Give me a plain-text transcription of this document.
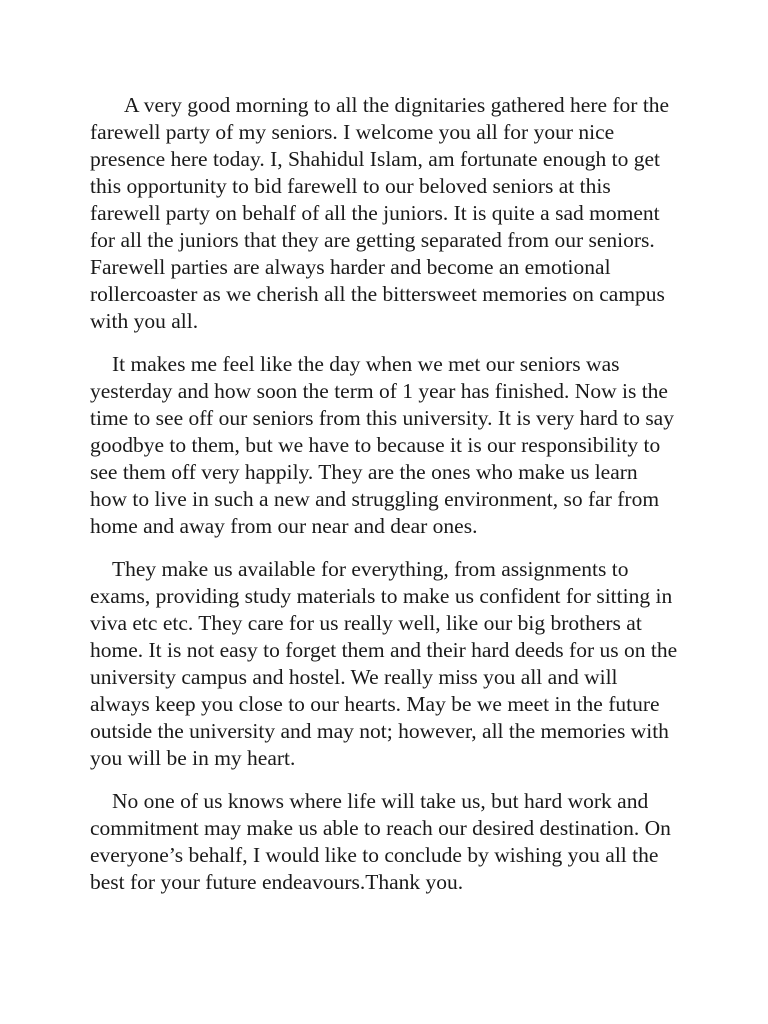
A very good morning to all the dignitaries gathered here for the farewell party of my seniors. I welcome you all for your nice presence here today. I, Shahidul Islam, am fortunate enough to get this opportunity to bid farewell to our beloved seniors at this farewell party on behalf of all the juniors. It is quite a sad moment for all the juniors that they are getting separated from our seniors. Farewell parties are always harder and become an emotional rollercoaster as we cherish all the bittersweet memories on campus with you all.

It makes me feel like the day when we met our seniors was yesterday and how soon the term of 1 year has finished. Now is the time to see off our seniors from this university. It is very hard to say goodbye to them, but we have to because it is our responsibility to see them off very happily. They are the ones who make us learn how to live in such a new and struggling environment, so far from home and away from our near and dear ones.

They make us available for everything, from assignments to exams, providing study materials to make us confident for sitting in viva etc etc. They care for us really well, like our big brothers at home. It is not easy to forget them and their hard deeds for us on the university campus and hostel. We really miss you all and will always keep you close to our hearts. May be we meet in the future outside the university and may not; however, all the memories with you will be in my heart.

No one of us knows where life will take us, but hard work and commitment may make us able to reach our desired destination. On everyone’s behalf, I would like to conclude by wishing you all the best for your future endeavours.Thank you.
